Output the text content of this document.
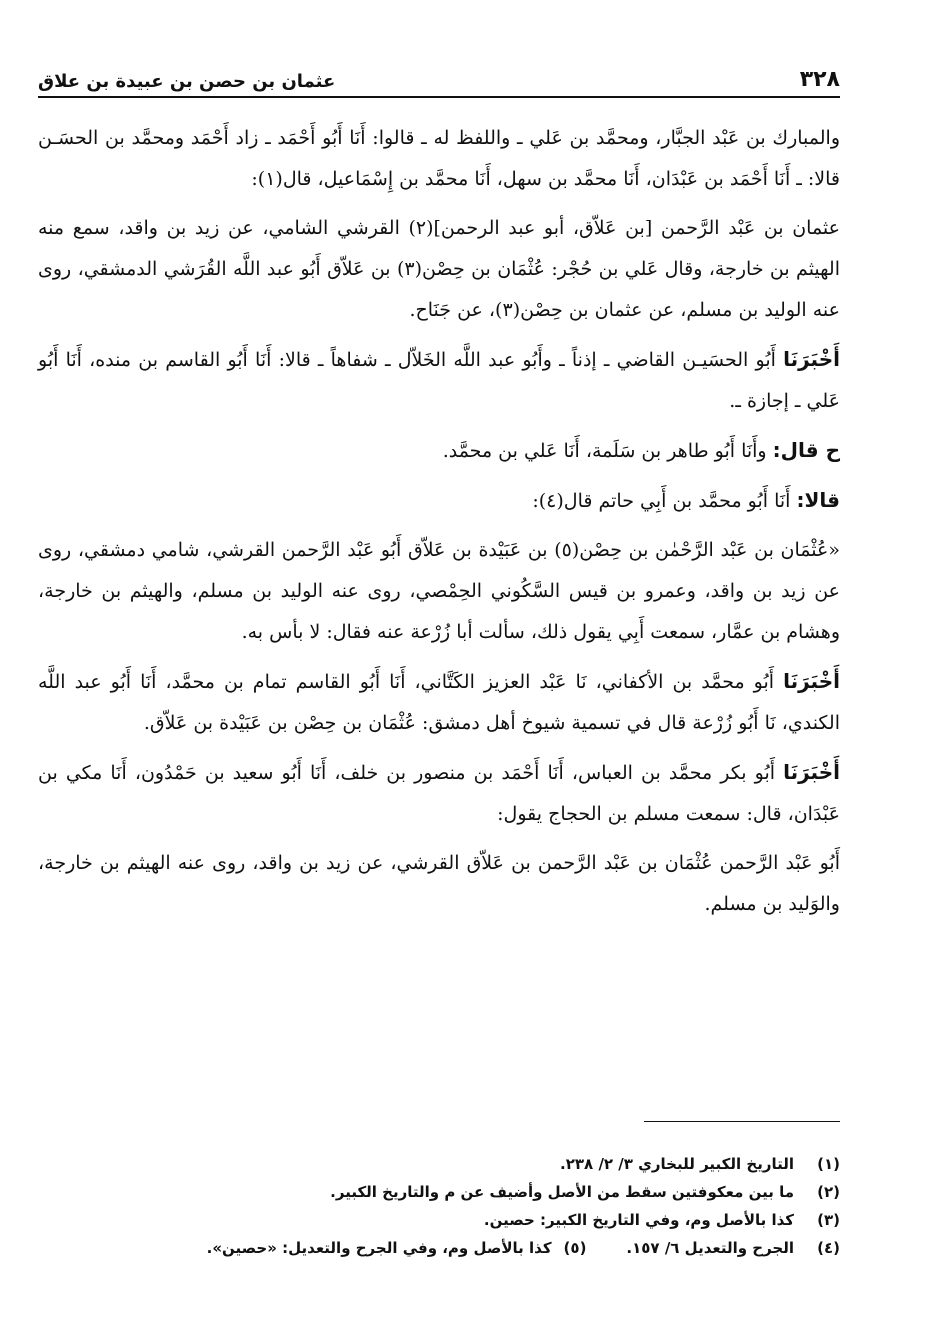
٣٢٨
عثمان بن حصن بن عبيدة بن علاق

والمبارك بن عَبْد الجبَّار، ومحمَّد بن عَلي ـ واللفظ له ـ قالوا: أَنَا أَبُو أَحْمَد ـ زاد أَحْمَد ومحمَّد بن الحسَـن قالا: ـ أَنَا أَحْمَد بن عَبْدَان، أَنَا محمَّد بن سهل، أَنَا محمَّد بن إِسْمَاعيل، قال(١):

عثمان بن عَبْد الرَّحمن [بن عَلاّق، أبو عبد الرحمن](٢) القرشي الشامي، عن زيد بن واقد، سمع منه الهيثم بن خارجة، وقال عَلي بن حُجْر: عُثْمَان بن حِصْن(٣) بن عَلاّق أَبُو عبد اللَّه القُرَشي الدمشقي، روى عنه الوليد بن مسلم، عن عثمان بن حِصْن(٣)، عن جَنَاح.

أَخْبَرَنَا أَبُو الحسَيـن القاضي ـ إذناً ـ وأَبُو عبد اللَّه الخَلاّل ـ شفاهاً ـ قالا: أَنَا أَبُو القاسم بن منده، أَنَا أَبُو عَلي ـ إجازة ـ.

ح قال: وأَنَا أَبُو طاهر بن سَلَمة، أَنَا عَلي بن محمَّد.

قالا: أَنَا أَبُو محمَّد بن أَبِي حاتم قال(٤):

«عُثْمَان بن عَبْد الرَّحْمٰن بن حِصْن(٥) بن عَبَيْدة بن عَلاّق أَبُو عَبْد الرَّحمن القرشي، شامي دمشقي، روى عن زيد بن واقد، وعمرو بن قيس السَّكُوني الحِمْصي، روى عنه الوليد بن مسلم، والهيثم بن خارجة، وهشام بن عمَّار، سمعت أَبِي يقول ذلك، سألت أبا زُرْعة عنه فقال: لا بأس به.

أَخْبَرَنَا أَبُو محمَّد بن الأكفاني، نَا عَبْد العزيز الكَتَّاني، أَنَا أَبُو القاسم تمام بن محمَّد، أَنَا أَبُو عبد اللَّه الكندي، نَا أَبُو زُرْعة قال في تسمية شيوخ أهل دمشق: عُثْمَان بن حِصْن بن عَبَيْدة بن عَلاّق.

أَخْبَرَنَا أَبُو بكر محمَّد بن العباس، أَنَا أَحْمَد بن منصور بن خلف، أَنَا أَبُو سعيد بن حَمْدُون، أَنَا مكي بن عَبْدَان، قال: سمعت مسلم بن الحجاج يقول:

أَبُو عَبْد الرَّحمن عُثْمَان بن عَبْد الرَّحمن بن عَلاّق القرشي، عن زيد بن واقد، روى عنه الهيثم بن خارجة، والوَليد بن مسلم.

(١)
التاريخ الكبير للبخاري ٣/ ٢/ ٢٣٨.
(٢)
ما بين معكوفتين سقط من الأصل وأضيف عن م والتاريخ الكبير.
(٣)
كذا بالأصل وم، وفي التاريخ الكبير: حصين.
(٤)
الجرح والتعديل ٦/ ١٥٧.
(٥)
كذا بالأصل وم، وفي الجرح والتعديل: «حصين».
